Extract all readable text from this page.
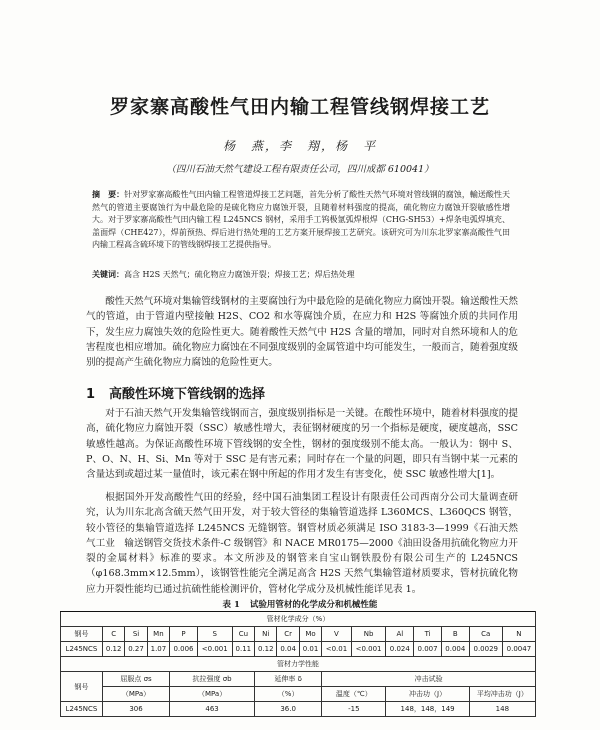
罗家寨高酸性气田内输工程管线钢焊接工艺
杨　燕，李　翔，杨　平
（四川石油天然气建设工程有限责任公司，四川成都 610041）
摘　要：针对罗家寨高酸性气田内输工程管道焊接工艺问题，首先分析了酸性天然气环境对管线钢的腐蚀，輸送酸性天然气的管道主要腐蚀行为中最危险的是硫化物应力腐蚀开裂，且随着材料强度的提高，硫化物应力腐蚀开裂敏感性增大。对于罗家寨高酸性气田内输工程 L245NCS 钢材，采用手工钨极氩弧焊根焊（CHG-SH53）+焊条电弧焊填充、盖面焊（CHE427），焊前预热、焊后进行热处理的工艺方案开展焊接工艺研究。该研究可为川东北罗家寨高酸性气田内输工程高含硫环境下的管线钢焊接工艺提供指导。
关键词：高含 H2S 天然气；硫化物应力腐蚀开裂；焊接工艺；焊后热处理
酸性天然气环境对集输管线钢材的主要腐蚀行为中最危险的是硫化物应力腐蚀开裂。输送酸性天然气的管道，由于管道内壁接触 H2S、CO2 和水等腐蚀介质，在应力和 H2S 等腐蚀介质的共同作用下，发生应力腐蚀失效的危险性更大。随着酸性天然气中 H2S 含量的增加，同时对自然环境和人的危害程度也相应增加。硫化物应力腐蚀在不同强度级别的金属管道中均可能发生，一般而言，随着强度级别的提高产生硫化物应力腐蚀的危险性更大。
1 高酸性环境下管线钢的选择
对于石油天然气开发集输管线钢而言，强度级别指标是一关键。在酸性环境中，随着材料强度的提高，硫化物应力腐蚀开裂（SSC）敏感性增大，表征钢材硬度的另一个指标是硬度，硬度越高，SSC 敏感性越高。为保证高酸性环境下管线钢的安全性，钢材的强度级别不能太高。一般认为：钢中 S、P、O、N、H、Si、Mn 等对于 SSC 是有害元素；同时存在一个量的问题，即只有当钢中某一元素的含量达到或超过某一量值时，该元素在钢中所起的作用才发生有害变化，使 SSC 敏感性增大[1]。
根据国外开发高酸性气田的经验，经中国石油集团工程设计有限责任公司西南分公司大量调查研究，认为川东北高含硫天然气田开发，对于较大管径的集输管道选择 L360MCS、L360QCS 钢管，较小管径的集输管道选择 L245NCS 无缝钢管。钢管材质必须满足 ISO 3183-3—1999《石油天然气工业　输送钢管交货技术条件-C 级钢管》和 NACE MR0175—2000《油田设备用抗硫化物应力开裂的金属材料》标准的要求。本文所涉及的钢管来自宝山钢铁股份有限公司生产的 L245NCS（φ168.3mm×12.5mm），该钢管性能完全满足高含 H2S 天然气集输管道材质要求，管材抗硫化物应力开裂性能均已通过抗硫性能检测评价，管材化学成分及机械性能详见表 1。
表 1 试验用管材的化学成分和机械性能
管材化学成分（%）																
钢号	C	Si	Mn	P	S	Cu	Ni	Cr	Mo	V	Nb	Al	Ti	B	Ca	N
L245NCS	0.12	0.27	1.07	0.006	<0.001	0.11	0.12	0.04	0.01	<0.01	<0.001	0.024	0.007	0.004	0.0029	0.0047
管材力学性能																
钢号	屈服点 σs			抗拉强度 σb			延伸率 δ			冲击试验						
	（MPa）			（MPa）			（%）			温度（℃）		冲击功（J）			平均冲击功（J）	
L245NCS	306			463			36.0			-15		148，148，149			148	
